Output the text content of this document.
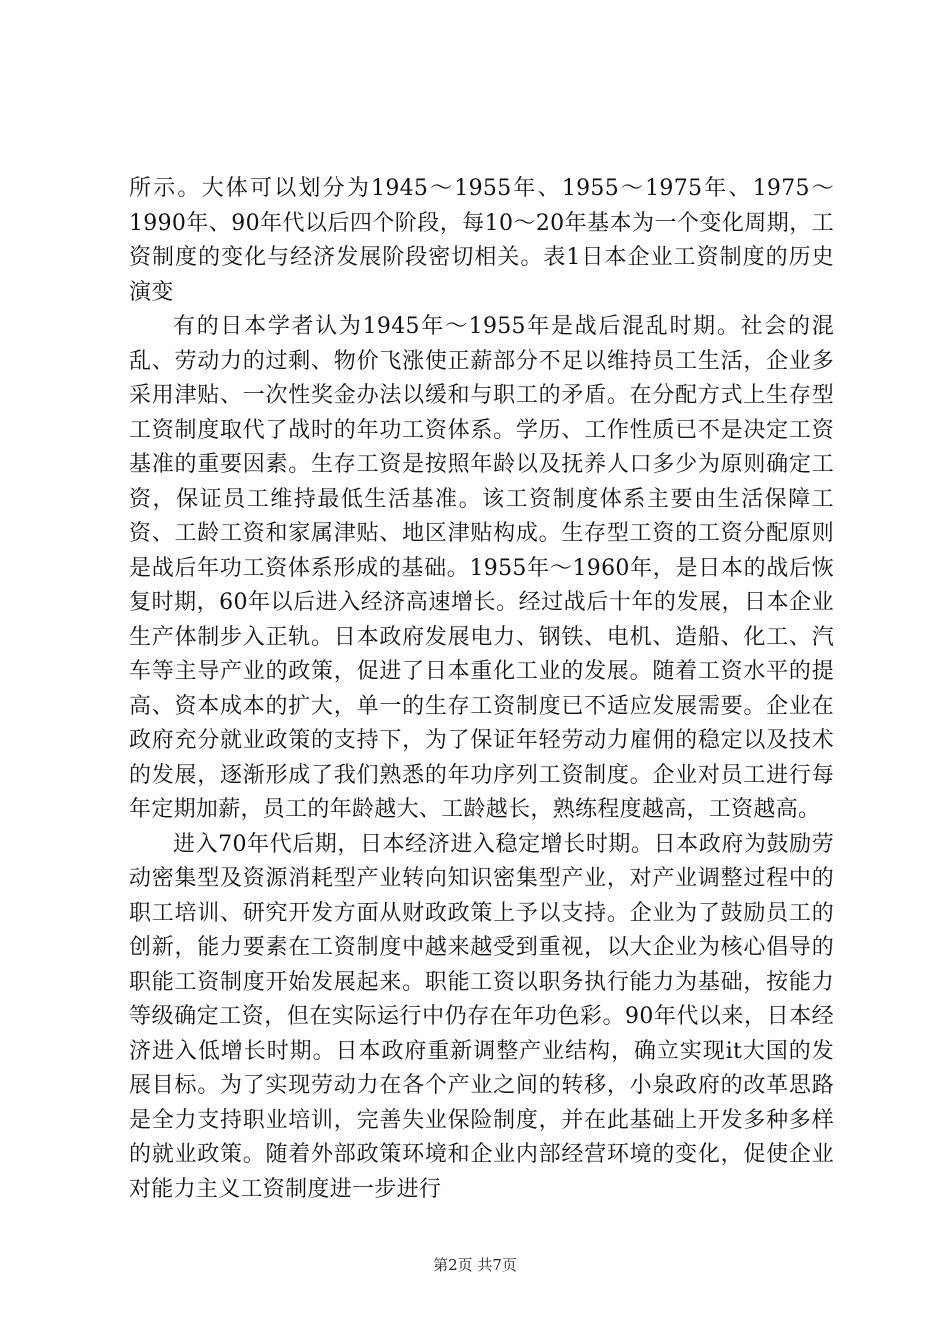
所示。大体可以划分为1945～1955年、1955～1975年、1975～1990年、90年代以后四个阶段，每10～20年基本为一个变化周期，工资制度的变化与经济发展阶段密切相关。表1日本企业工资制度的历史演变

有的日本学者认为1945年～1955年是战后混乱时期。社会的混乱、劳动力的过剩、物价飞涨使正薪部分不足以维持员工生活，企业多采用津贴、一次性奖金办法以缓和与职工的矛盾。在分配方式上生存型工资制度取代了战时的年功工资体系。学历、工作性质已不是决定工资基准的重要因素。生存工资是按照年龄以及抚养人口多少为原则确定工资，保证员工维持最低生活基准。该工资制度体系主要由生活保障工资、工龄工资和家属津贴、地区津贴构成。生存型工资的工资分配原则是战后年功工资体系形成的基础。1955年～1960年，是日本的战后恢复时期，60年以后进入经济高速增长。经过战后十年的发展，日本企业生产体制步入正轨。日本政府发展电力、钢铁、电机、造船、化工、汽车等主导产业的政策，促进了日本重化工业的发展。随着工资水平的提高、资本成本的扩大，单一的生存工资制度已不适应发展需要。企业在政府充分就业政策的支持下，为了保证年轻劳动力雇佣的稳定以及技术的发展，逐渐形成了我们熟悉的年功序列工资制度。企业对员工进行每年定期加薪，员工的年龄越大、工龄越长，熟练程度越高，工资越高。

进入70年代后期，日本经济进入稳定增长时期。日本政府为鼓励劳动密集型及资源消耗型产业转向知识密集型产业，对产业调整过程中的职工培训、研究开发方面从财政政策上予以支持。企业为了鼓励员工的创新，能力要素在工资制度中越来越受到重视，以大企业为核心倡导的职能工资制度开始发展起来。职能工资以职务执行能力为基础，按能力等级确定工资，但在实际运行中仍存在年功色彩。90年代以来，日本经济进入低增长时期。日本政府重新调整产业结构，确立实现it大国的发展目标。为了实现劳动力在各个产业之间的转移，小泉政府的改革思路是全力支持职业培训，完善失业保险制度，并在此基础上开发多种多样的就业政策。随着外部政策环境和企业内部经营环境的变化，促使企业对能力主义工资制度进一步进行

第2页 共7页
